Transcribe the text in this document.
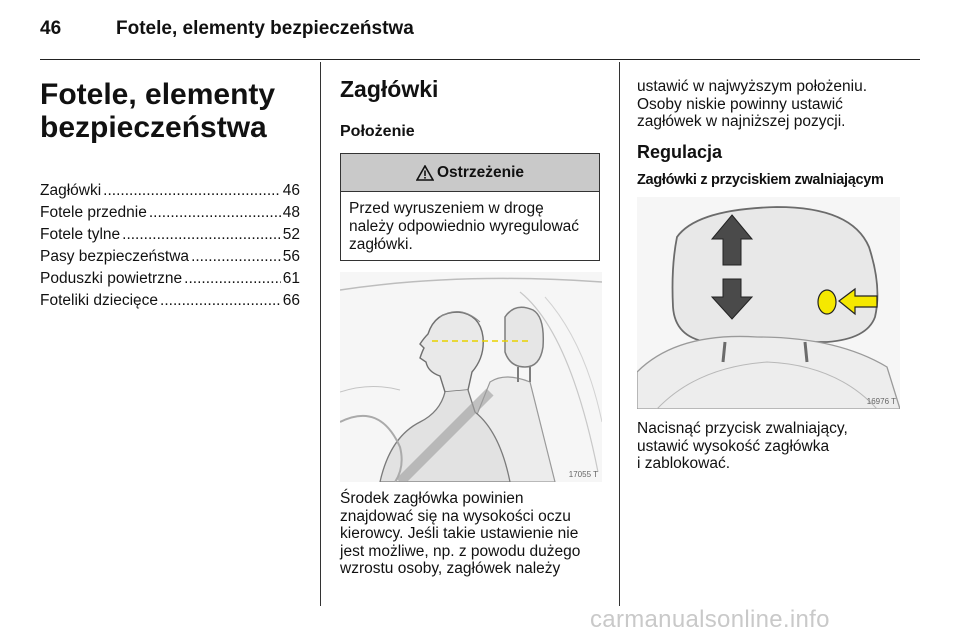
46	Fotele, elementy bezpieczeństwa
Fotele, elementy
bezpieczeństwa
Zagłówki .....	46
Fotele przednie .....	48
Fotele tylne .....	52
Pasy bezpieczeństwa .....	56
Poduszki powietrzne .....	61
Foteliki dziecięce .....	66
Zagłówki
Położenie
Ostrzeżenie
Przed wyruszeniem w drogę
należy odpowiednio wyregulować
zagłówki.
17055 T
Środek zagłówka powinien
znajdować się na wysokości oczu
kierowcy. Jeśli takie ustawienie nie
jest możliwe, np. z powodu dużego
wzrostu osoby, zagłówek należy
ustawić w najwyższym położeniu.
Osoby niskie powinny ustawić
zagłówek w najniższej pozycji.
Regulacja
Zagłówki z przyciskiem zwalniającym
16976 T
Nacisnąć przycisk zwalniający,
ustawić wysokość zagłówka
i zablokować.
carmanualsonline.info
